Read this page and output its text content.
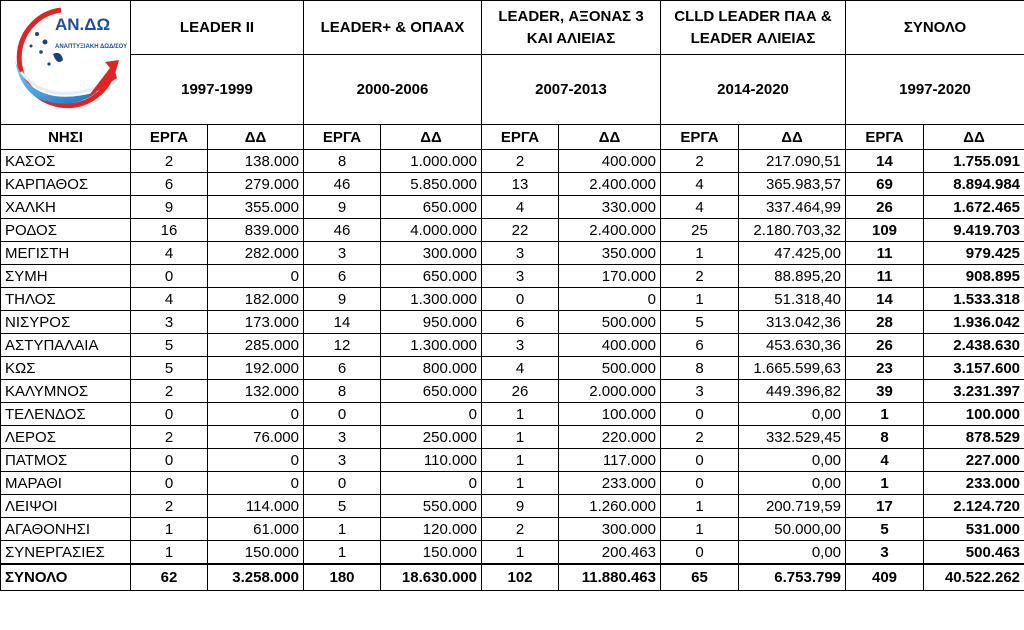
ΑΝ.ΔΩ
ΑΝΑΠΤΥΞΙΑΚΗ ΔΩΔ/ΣΟΥ	LEADER II		LEADER+ & ΟΠΑΑΧ		LEADER, ΑΞΟΝΑΣ 3 ΚΑΙ ΑΛΙΕΙΑΣ		CLLD LEADER ΠΑΑ & LEADER ΑΛΙΕΙΑΣ		ΣΥΝΟΛΟ	
	1997-1999		2000-2006		2007-2013		2014-2020		1997-2020	
ΝΗΣΙ	ΕΡΓΑ	ΔΔ	ΕΡΓΑ	ΔΔ	ΕΡΓΑ	ΔΔ	ΕΡΓΑ	ΔΔ	ΕΡΓΑ	ΔΔ
ΚΑΣΟΣ	2	138.000	8	1.000.000	2	400.000	2	217.090,51	14	1.755.091
ΚΑΡΠΑΘΟΣ	6	279.000	46	5.850.000	13	2.400.000	4	365.983,57	69	8.894.984
ΧΑΛΚΗ	9	355.000	9	650.000	4	330.000	4	337.464,99	26	1.672.465
ΡΟΔΟΣ	16	839.000	46	4.000.000	22	2.400.000	25	2.180.703,32	109	9.419.703
ΜΕΓΙΣΤΗ	4	282.000	3	300.000	3	350.000	1	47.425,00	11	979.425
ΣΥΜΗ	0	0	6	650.000	3	170.000	2	88.895,20	11	908.895
ΤΗΛΟΣ	4	182.000	9	1.300.000	0	0	1	51.318,40	14	1.533.318
ΝΙΣΥΡΟΣ	3	173.000	14	950.000	6	500.000	5	313.042,36	28	1.936.042
ΑΣΤΥΠΑΛΑΙΑ	5	285.000	12	1.300.000	3	400.000	6	453.630,36	26	2.438.630
ΚΩΣ	5	192.000	6	800.000	4	500.000	8	1.665.599,63	23	3.157.600
ΚΑΛΥΜΝΟΣ	2	132.000	8	650.000	26	2.000.000	3	449.396,82	39	3.231.397
ΤΕΛΕΝΔΟΣ	0	0	0	0	1	100.000	0	0,00	1	100.000
ΛΕΡΟΣ	2	76.000	3	250.000	1	220.000	2	332.529,45	8	878.529
ΠΑΤΜΟΣ	0	0	3	110.000	1	117.000	0	0,00	4	227.000
ΜΑΡΑΘΙ	0	0	0	0	1	233.000	0	0,00	1	233.000
ΛΕΙΨΟΙ	2	114.000	5	550.000	9	1.260.000	1	200.719,59	17	2.124.720
ΑΓΑΘΟΝΗΣΙ	1	61.000	1	120.000	2	300.000	1	50.000,00	5	531.000
ΣΥΝΕΡΓΑΣΙΕΣ	1	150.000	1	150.000	1	200.463	0	0,00	3	500.463
ΣΥΝΟΛΟ	62	3.258.000	180	18.630.000	102	11.880.463	65	6.753.799	409	40.522.262
